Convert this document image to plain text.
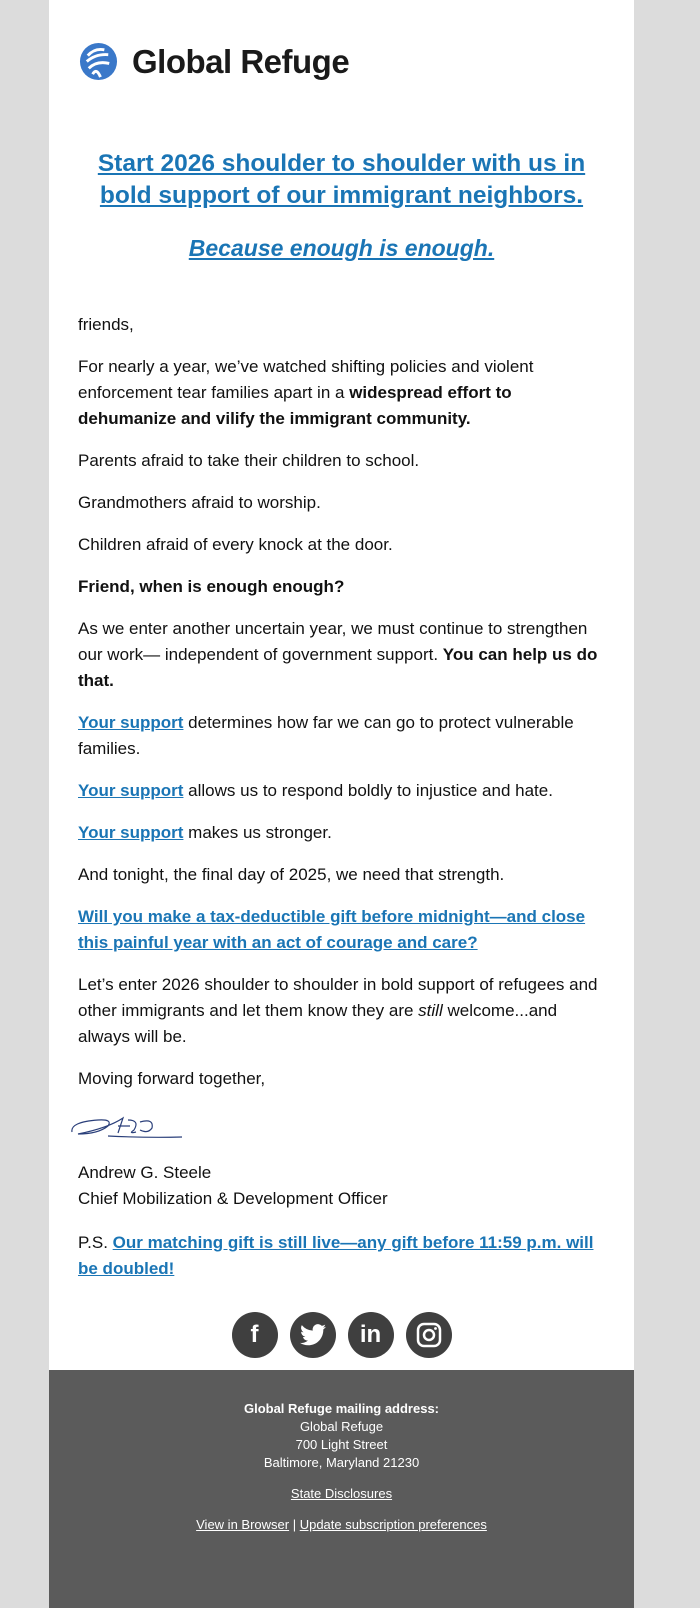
Global Refuge
Start 2026 shoulder to shoulder with us in bold support of our immigrant neighbors.
Because enough is enough.

friends,

For nearly a year, we’ve watched shifting policies and violent enforcement tear families apart in a widespread effort to dehumanize and vilify the immigrant community.

Parents afraid to take their children to school.

Grandmothers afraid to worship.

Children afraid of every knock at the door.

Friend, when is enough enough?

As we enter another uncertain year, we must continue to strengthen our work— independent of government support. You can help us do that.

Your support determines how far we can go to protect vulnerable families.

Your support allows us to respond boldly to injustice and hate.

Your support makes us stronger.

And tonight, the final day of 2025, we need that strength.

Will you make a tax-deductible gift before midnight—and close this painful year with an act of courage and care?

Let’s enter 2026 shoulder to shoulder in bold support of refugees and other immigrants and let them know they are still welcome...and always will be.

Moving forward together,

Andrew G. Steele
Chief Mobilization & Development Officer

P.S. Our matching gift is still live—any gift before 11:59 p.m. will be doubled!

f	in
Global Refuge mailing address:
Global Refuge
700 Light Street
Baltimore, Maryland 21230
State Disclosures
View in Browser | Update subscription preferences
